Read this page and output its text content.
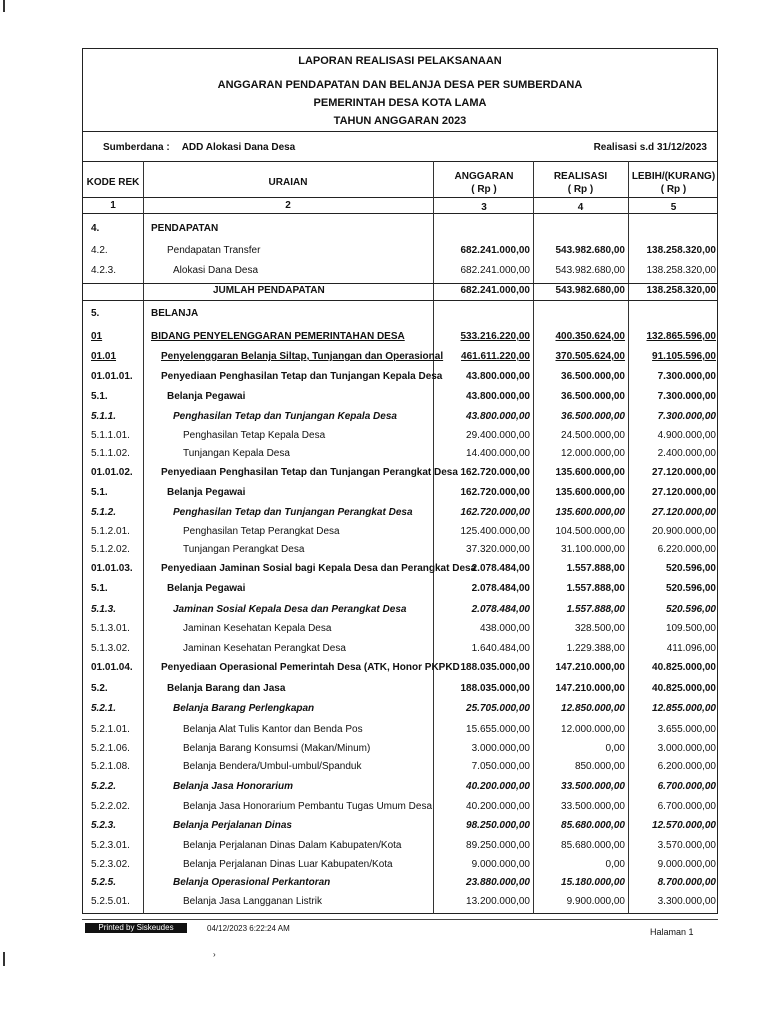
LAPORAN REALISASI PELAKSANAAN
ANGGARAN PENDAPATAN DAN BELANJA DESA PER SUMBERDANA
PEMERINTAH DESA KOTA LAMA
TAHUN ANGGARAN 2023
Sumberdana : ADD Alokasi Dana Desa	Realisasi s.d 31/12/2023
KODE REK	URAIAN
ANGGARAN
( Rp )
REALISASI
( Rp )
LEBIH/(KURANG)
( Rp )
1	2	3	4	5
4.	PENDAPATAN
4.2.	Pendapatan Transfer	682.241.000,00	543.982.680,00	138.258.320,00
4.2.3.	Alokasi Dana Desa	682.241.000,00	543.982.680,00	138.258.320,00
JUMLAH PENDAPATAN	682.241.000,00	543.982.680,00	138.258.320,00
5.	BELANJA
01	BIDANG PENYELENGGARAN PEMERINTAHAN DESA	533.216.220,00	400.350.624,00	132.865.596,00
01.01	Penyelenggaran Belanja Siltap, Tunjangan dan Operasional	461.611.220,00	370.505.624,00	91.105.596,00
01.01.01.	Penyediaan Penghasilan Tetap dan Tunjangan Kepala Desa	43.800.000,00	36.500.000,00	7.300.000,00
5.1.	Belanja Pegawai	43.800.000,00	36.500.000,00	7.300.000,00
5.1.1.	Penghasilan Tetap dan Tunjangan Kepala Desa	43.800.000,00	36.500.000,00	7.300.000,00
5.1.1.01.	Penghasilan Tetap Kepala Desa	29.400.000,00	24.500.000,00	4.900.000,00
5.1.1.02.	Tunjangan Kepala Desa	14.400.000,00	12.000.000,00	2.400.000,00
01.01.02.	Penyediaan Penghasilan Tetap dan Tunjangan Perangkat Desa 162.720.000,00	135.600.000,00	27.120.000,00
5.1.	Belanja Pegawai	162.720.000,00	135.600.000,00	27.120.000,00
5.1.2.	Penghasilan Tetap dan Tunjangan Perangkat Desa	162.720.000,00	135.600.000,00	27.120.000,00
5.1.2.01.	Penghasilan Tetap Perangkat Desa	125.400.000,00	104.500.000,00	20.900.000,00
5.1.2.02.	Tunjangan Perangkat Desa	37.320.000,00	31.100.000,00	6.220.000,00
01.01.03.	Penyediaan Jaminan Sosial bagi Kepala Desa dan Perangkat Desa
2.078.484,00	1.557.888,00	520.596,00
5.1.	Belanja Pegawai	2.078.484,00	1.557.888,00	520.596,00
5.1.3.	Jaminan Sosial Kepala Desa dan Perangkat Desa	2.078.484,00	1.557.888,00	520.596,00
5.1.3.01.	Jaminan Kesehatan Kepala Desa	438.000,00	328.500,00	109.500,00
5.1.3.02.	Jaminan Kesehatan Perangkat Desa	1.640.484,00	1.229.388,00	411.096,00
01.01.04.	Penyediaan Operasional Pemerintah Desa (ATK, Honor PKPKD 188.035.000,00	147.210.000,00	40.825.000,00
5.2.	Belanja Barang dan Jasa	188.035.000,00	147.210.000,00	40.825.000,00
5.2.1.	Belanja Barang Perlengkapan	25.705.000,00	12.850.000,00	12.855.000,00
5.2.1.01.	Belanja Alat Tulis Kantor dan Benda Pos	15.655.000,00	12.000.000,00	3.655.000,00
5.2.1.06.	Belanja Barang Konsumsi (Makan/Minum)	3.000.000,00	0,00	3.000.000,00
5.2.1.08.	Belanja Bendera/Umbul-umbul/Spanduk	7.050.000,00	850.000,00	6.200.000,00
5.2.2.	Belanja Jasa Honorarium	40.200.000,00	33.500.000,00	6.700.000,00
5.2.2.02.	Belanja Jasa Honorarium Pembantu Tugas Umum Desa	40.200.000,00	33.500.000,00	6.700.000,00
5.2.3.	Belanja Perjalanan Dinas	98.250.000,00	85.680.000,00	12.570.000,00
5.2.3.01.	Belanja Perjalanan Dinas Dalam Kabupaten/Kota	89.250.000,00	85.680.000,00	3.570.000,00
5.2.3.02.	Belanja Perjalanan Dinas Luar Kabupaten/Kota	9.000.000,00	0,00	9.000.000,00
5.2.5.	Belanja Operasional Perkantoran	23.880.000,00	15.180.000,00	8.700.000,00
5.2.5.01.	Belanja Jasa Langganan Listrik	13.200.000,00	9.900.000,00	3.300.000,00
Printed by Siskeudes	04/12/2023 6:22:24 AM	Halaman 1
›
